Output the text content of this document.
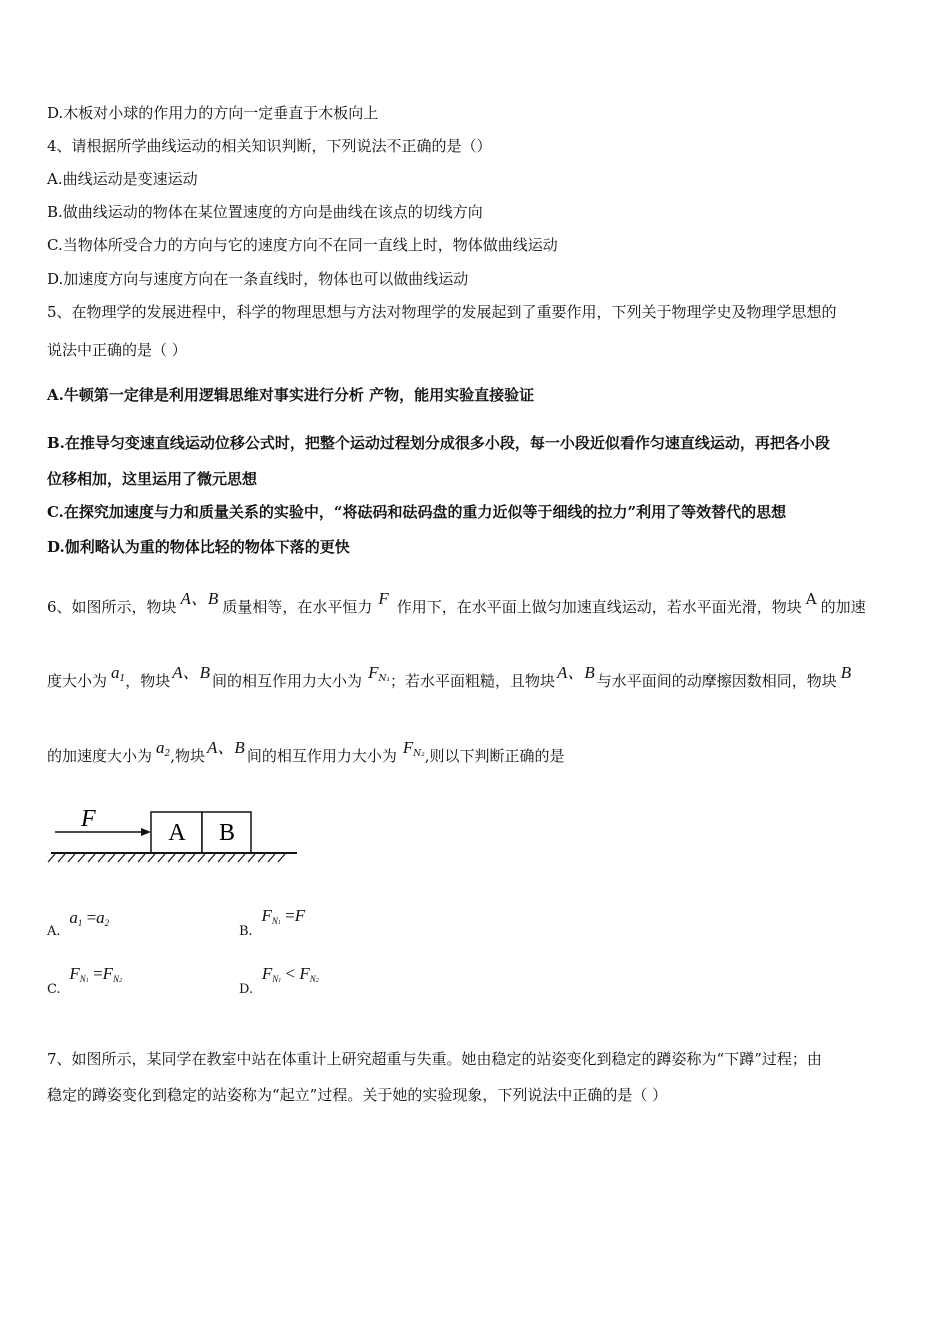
D.木板对小球的作用力的方向一定垂直于木板向上
4、请根据所学曲线运动的相关知识判断，下列说法不正确的是（）
A.曲线运动是变速运动
B.做曲线运动的物体在某位置速度的方向是曲线在该点的切线方向
C.当物体所受合力的方向与它的速度方向不在同一直线上时，物体做曲线运动
D.加速度方向与速度方向在一条直线时，物体也可以做曲线运动
5、在物理学的发展进程中，科学的物理思想与方法对物理学的发展起到了重要作用，下列关于物理学史及物理学思想的
说法中正确的是（ ）
A.牛顿第一定律是利用逻辑思维对事实进行分析 产物，能用实验直接验证
B.在推导匀变速直线运动位移公式时，把整个运动过程划分成很多小段，每一小段近似看作匀速直线运动，再把各小段
位移相加，这里运用了微元思想
C.在探究加速度与力和质量关系的实验中，“将砝码和砝码盘的重力近似等于细线的拉力”利用了等效替代的思想
D.伽利略认为重的物体比轻的物体下落的更快
6、如图所示，物块 A、B 质量相等，在水平恒力 F 作用下，在水平面上做匀加速直线运动，若水平面光滑，物块 A 的加速
度大小为 $a^1$，物块 A、B 间的相互作用力大小为 $F^{N_1}$；若水平面粗糙，且物块 A、B 与水平面间的动摩擦因数相同，物块 B
的加速度大小为 $a^2$,物块 A、B 间的相互作用力大小为 $F^{N_2}$,则以下判断正确的是
F
A B
A. $a_1 =a_2$
B. $F_{N1} =F$
C. $F_{N1} =F_{N2}$
D. $F_{N1} < F_{N2}$
7、如图所示，某同学在教室中站在体重计上研究超重与失重。她由稳定的站姿变化到稳定的蹲姿称为“下蹲”过程；由
稳定的蹲姿变化到稳定的站姿称为“起立”过程。关于她的实验现象，下列说法中正确的是（ ）
